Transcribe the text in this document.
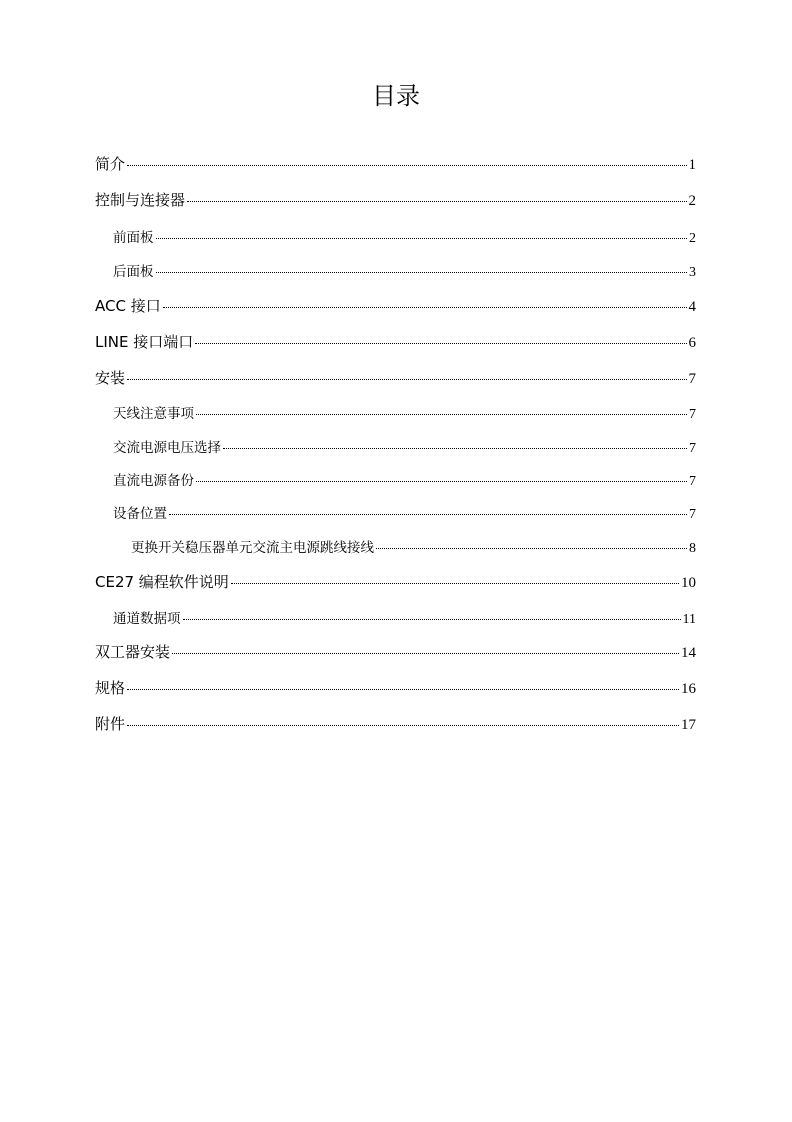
目录
简介	1
控制与连接器	2
前面板	2
后面板	3
ACC 接口	4
LINE 接口端口	6
安装	7
天线注意事项	7
交流电源电压选择	7
直流电源备份	7
设备位置	7
更换开关稳压器单元交流主电源跳线接线	8
CE27 编程软件说明	10
通道数据项	11
双工器安装	14
规格	16
附件	17
